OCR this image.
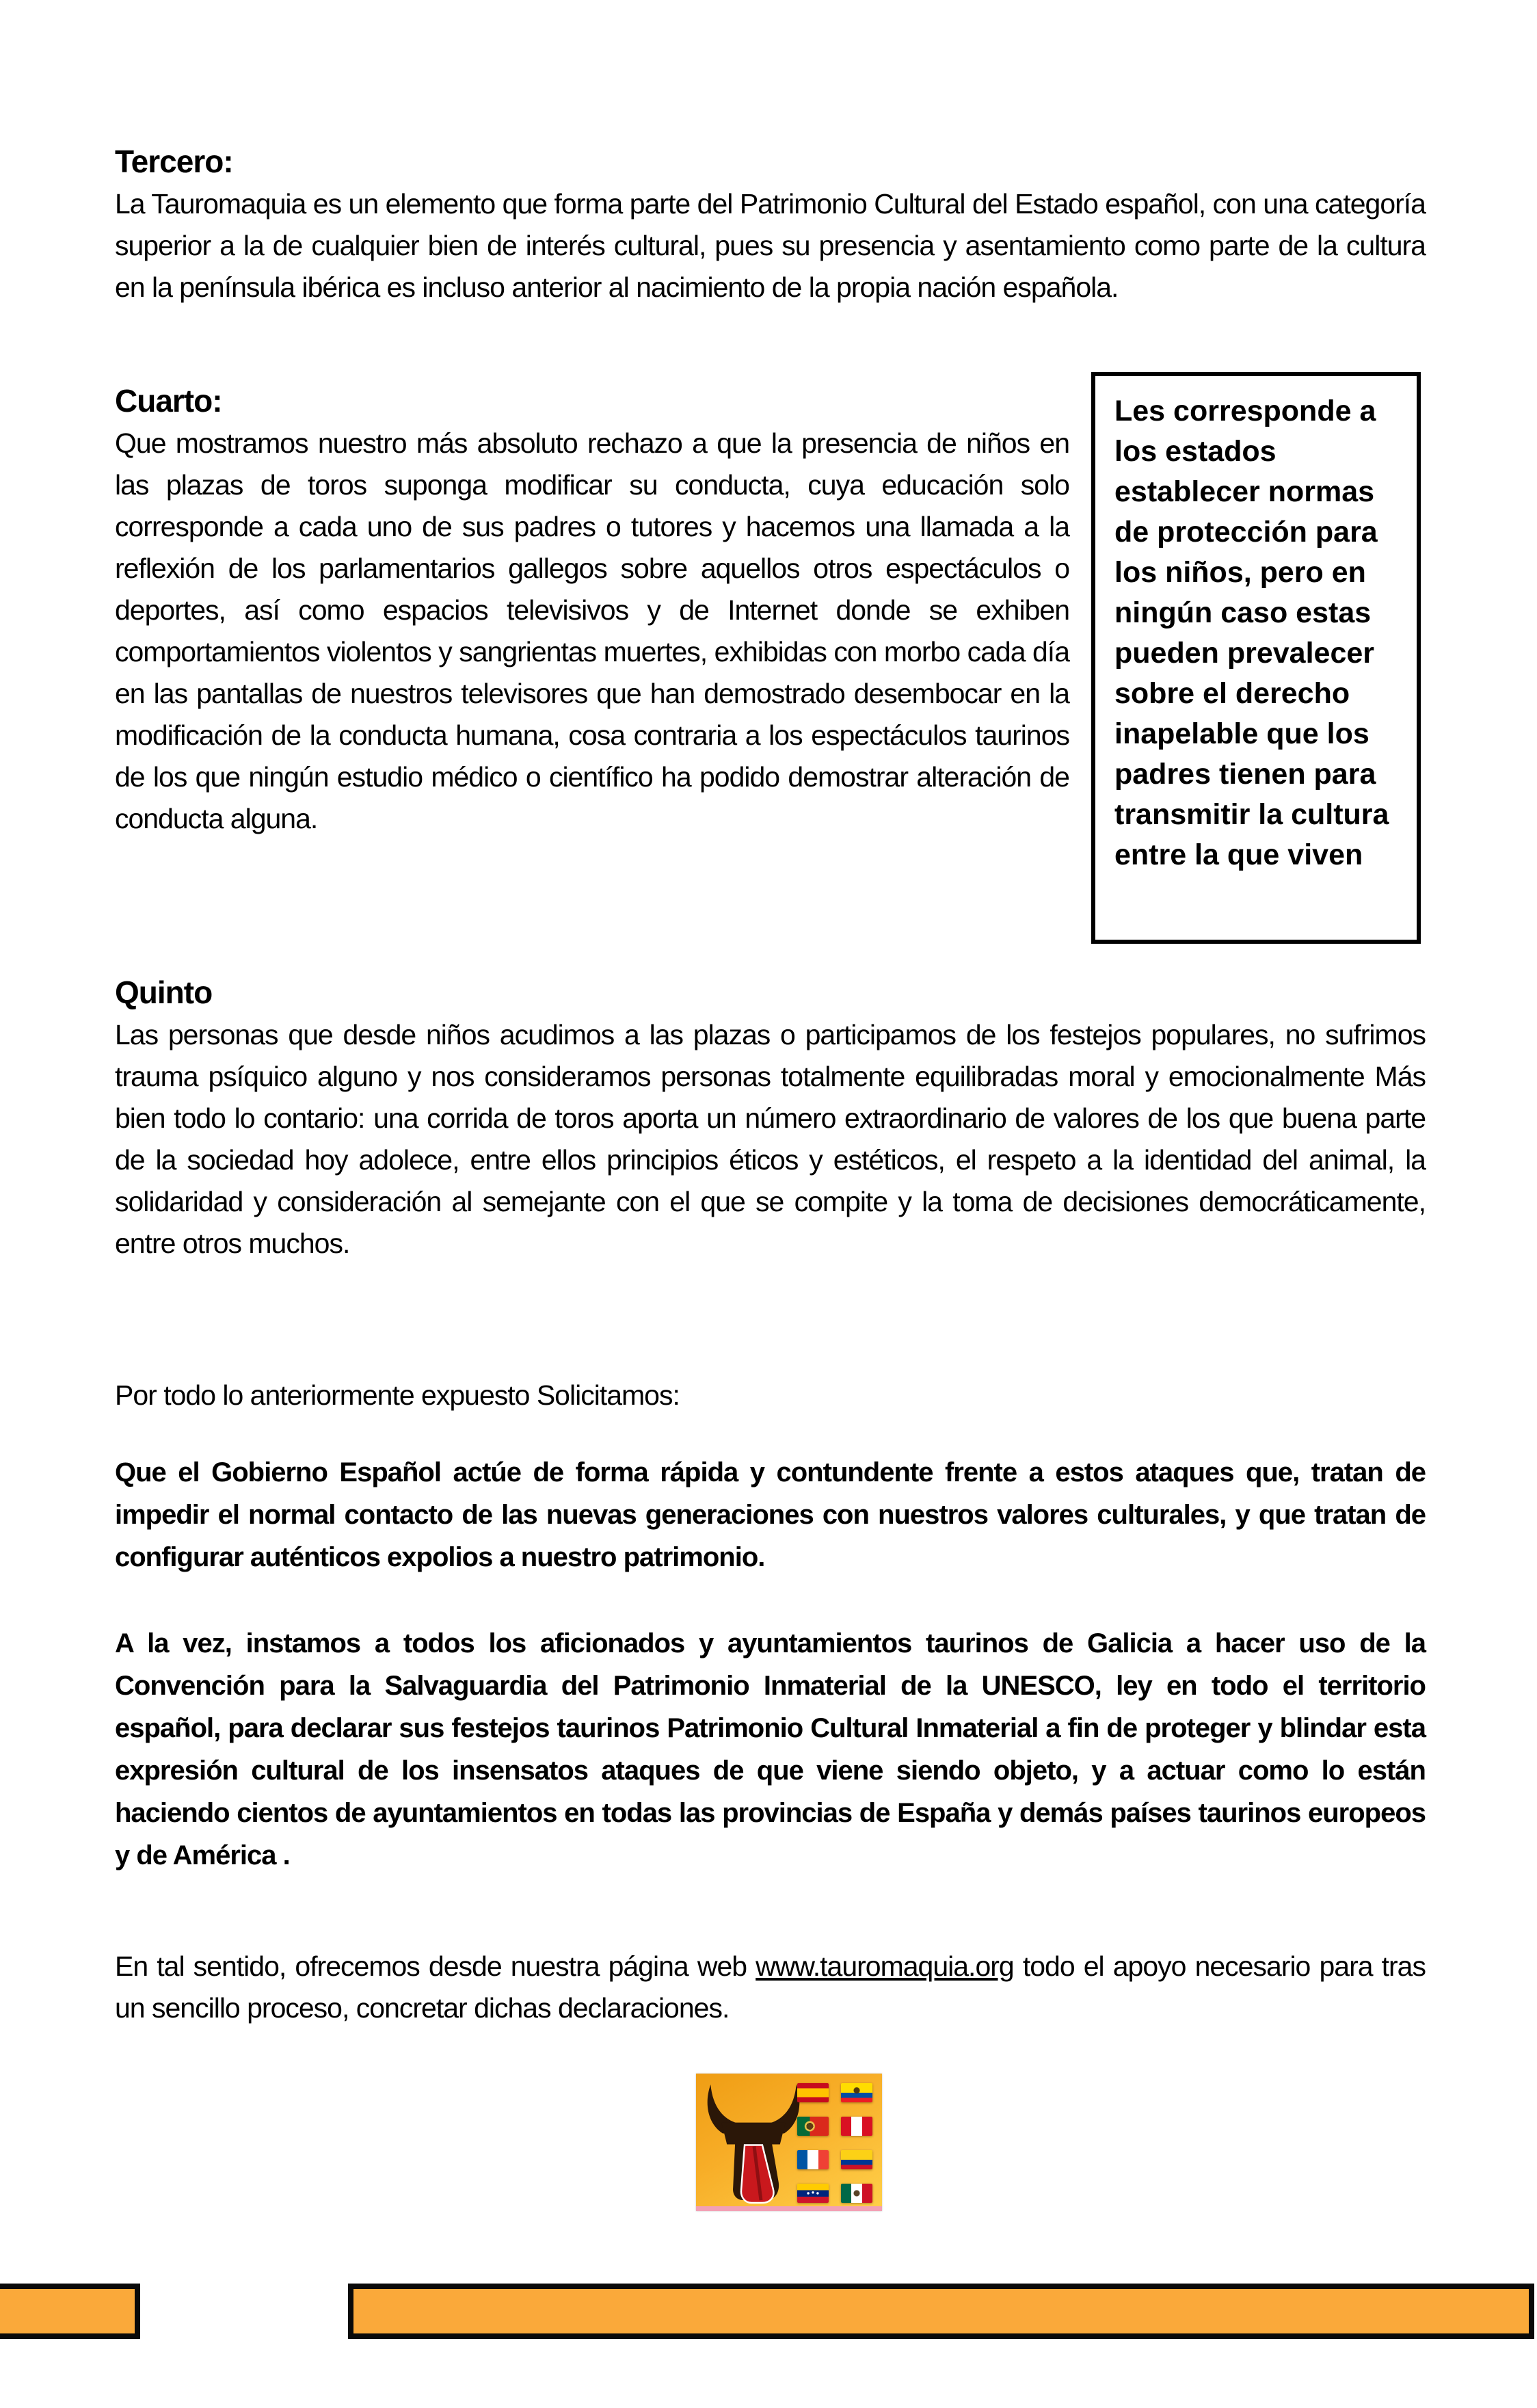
Tercero:
La Tauromaquia es un elemento que forma parte del Patrimonio Cultural del Estado español, con una categoría superior a la de cualquier bien de interés cultural, pues su presencia y asentamiento como parte de la cultura en la península ibérica es incluso anterior al nacimiento de la propia nación española.
Cuarto:
Que mostramos nuestro más absoluto rechazo a que la presencia de niños en las plazas de toros suponga modificar su conducta, cuya educación solo corresponde a cada uno de sus padres o tutores y hacemos una llamada a la reflexión de los parlamentarios gallegos sobre aquellos otros espectáculos o deportes, así como espacios televisivos y de Internet donde se exhiben comportamientos violentos y sangrientas muertes, exhibidas con morbo cada día en las pantallas de nuestros televisores que han demostrado desembocar en la modificación de la conducta humana, cosa contraria a los espectáculos taurinos de los que ningún estudio médico o científico ha podido demostrar alteración de conducta alguna.
Les corresponde a los estados establecer normas de protección para los niños, pero en ningún caso estas pueden prevalecer sobre el derecho inapelable que los padres tienen para transmitir la cultura entre la que viven
Quinto
Las personas que desde niños acudimos a las plazas o participamos de los festejos populares, no sufrimos trauma psíquico alguno y nos consideramos personas totalmente equilibradas moral y emocionalmente Más bien todo lo contario: una corrida de toros aporta un número extraordinario de valores de los que buena parte de la sociedad hoy adolece, entre ellos principios éticos y estéticos, el respeto a la identidad del animal, la solidaridad y consideración al semejante con el que se compite y la toma de decisiones democráticamente, entre otros muchos.
Por todo lo anteriormente expuesto Solicitamos:
Que el Gobierno Español actúe de forma rápida y contundente frente a estos ataques que, tratan de impedir el normal contacto de las nuevas generaciones con nuestros valores culturales, y que tratan de configurar auténticos expolios a nuestro patrimonio.
A la vez, instamos a todos los aficionados y ayuntamientos taurinos de Galicia a hacer uso de la Convención para la Salvaguardia del Patrimonio Inmaterial de la UNESCO, ley en todo el territorio español, para declarar sus festejos taurinos Patrimonio Cultural Inmaterial a fin de proteger y blindar esta expresión cultural de los insensatos ataques de que viene siendo objeto, y a actuar como lo están haciendo cientos de ayuntamientos en todas las provincias de España y demás países taurinos europeos y de América .
En tal sentido, ofrecemos desde nuestra página web www.tauromaquia.org todo el apoyo necesario para tras un sencillo proceso, concretar dichas declaraciones.
